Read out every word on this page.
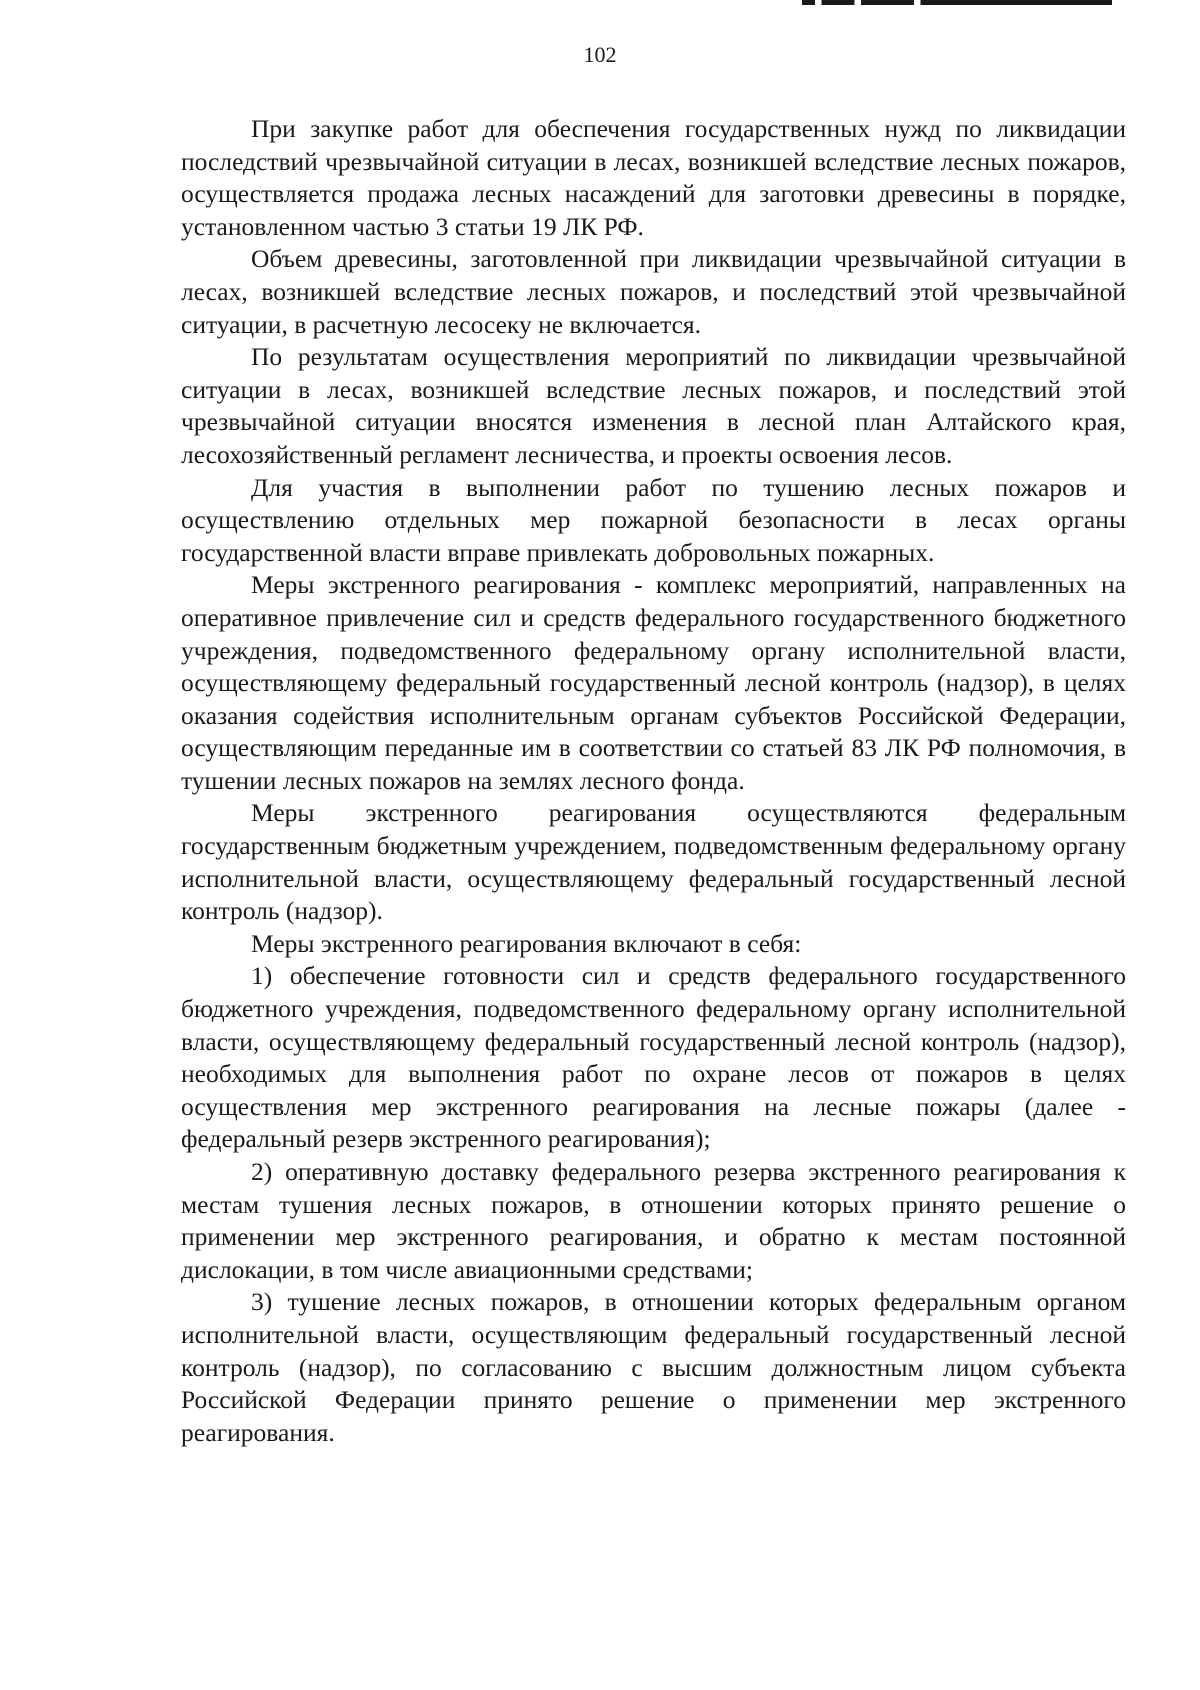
102

При закупке работ для обеспечения государственных нужд по ликвидации последствий чрезвычайной ситуации в лесах, возникшей вследствие лесных пожаров, осуществляется продажа лесных насаждений для заготовки древесины в порядке, установленном частью 3 статьи 19 ЛК РФ.

Объем древесины, заготовленной при ликвидации чрезвычайной ситуации в лесах, возникшей вследствие лесных пожаров, и последствий этой чрезвычайной ситуации, в расчетную лесосеку не включается.

По результатам осуществления мероприятий по ликвидации чрезвычайной ситуации в лесах, возникшей вследствие лесных пожаров, и последствий этой чрезвычайной ситуации вносятся изменения в лесной план Алтайского края, лесохозяйственный регламент лесничества, и проекты освоения лесов.

Для участия в выполнении работ по тушению лесных пожаров и осуществлению отдельных мер пожарной безопасности в лесах органы государственной власти вправе привлекать добровольных пожарных.

Меры экстренного реагирования - комплекс мероприятий, направленных на оперативное привлечение сил и средств федерального государственного бюджетного учреждения, подведомственного федеральному органу исполнительной власти, осуществляющему федеральный государственный лесной контроль (надзор), в целях оказания содействия исполнительным органам субъектов Российской Федерации, осуществляющим переданные им в соответствии со статьей 83 ЛК РФ полномочия, в тушении лесных пожаров на землях лесного фонда.

Меры экстренного реагирования осуществляются федеральным государственным бюджетным учреждением, подведомственным федеральному органу исполнительной власти, осуществляющему федеральный государственный лесной контроль (надзор).

Меры экстренного реагирования включают в себя:

1) обеспечение готовности сил и средств федерального государственного бюджетного учреждения, подведомственного федеральному органу исполнительной власти, осуществляющему федеральный государственный лесной контроль (надзор), необходимых для выполнения работ по охране лесов от пожаров в целях осуществления мер экстренного реагирования на лесные пожары (далее - федеральный резерв экстренного реагирования);

2) оперативную доставку федерального резерва экстренного реагирования к местам тушения лесных пожаров, в отношении которых принято решение о применении мер экстренного реагирования, и обратно к местам постоянной дислокации, в том числе авиационными средствами;

3) тушение лесных пожаров, в отношении которых федеральным органом исполнительной власти, осуществляющим федеральный государственный лесной контроль (надзор), по согласованию с высшим должностным лицом субъекта Российской Федерации принято решение о применении мер экстренного реагирования.
